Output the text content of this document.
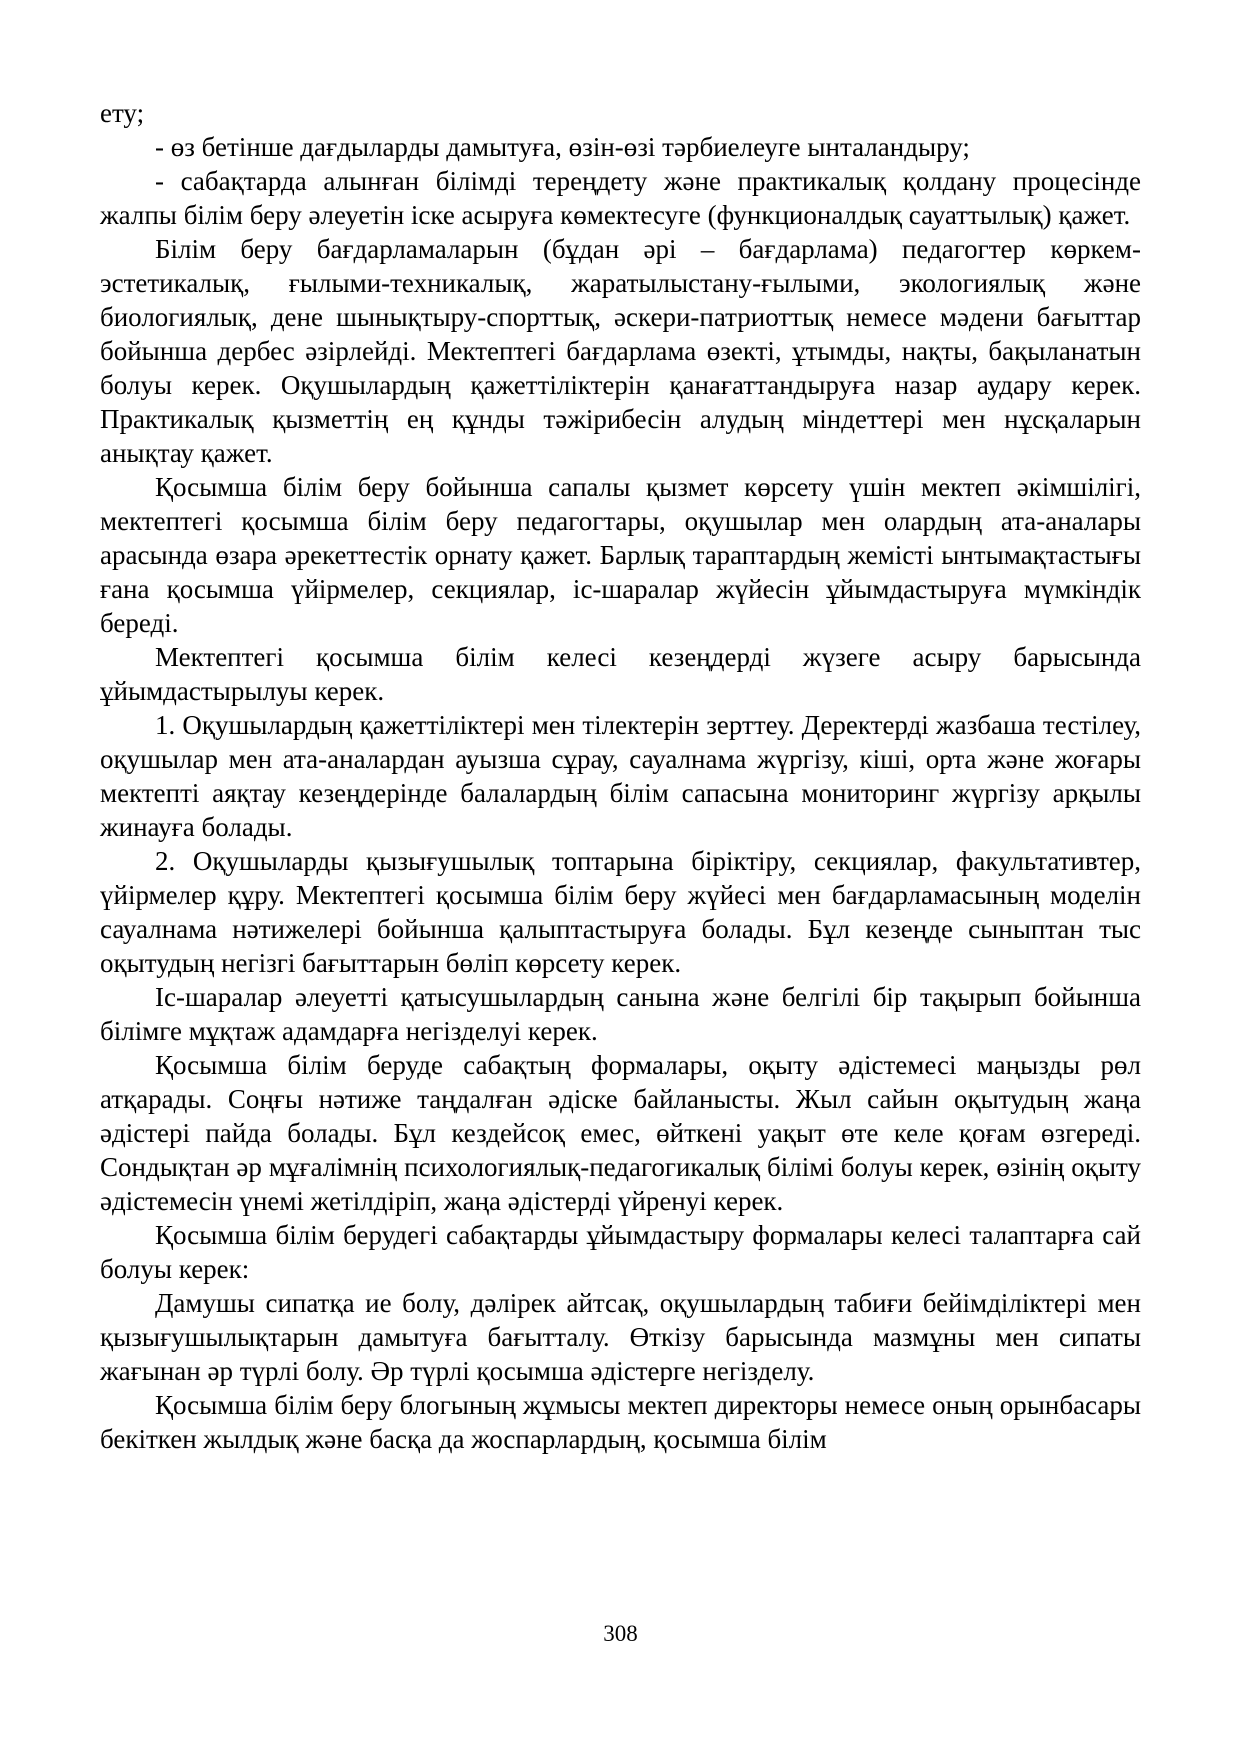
ету;

- өз бетінше дағдыларды дамытуға, өзін-өзі тәрбиелеуге ынталандыру;

- сабақтарда алынған білімді тереңдету және практикалық қолдану процесінде жалпы білім беру әлеуетін іске асыруға көмектесуге (функционалдық сауаттылық) қажет.

Білім беру бағдарламаларын (бұдан әрі – бағдарлама) педагогтер көркем-эстетикалық, ғылыми-техникалық, жаратылыстану-ғылыми, экологиялық және биологиялық, дене шынықтыру-спорттық, әскери-патриоттық немесе мәдени бағыттар бойынша дербес әзірлейді. Мектептегі бағдарлама өзекті, ұтымды, нақты, бақыланатын болуы керек. Оқушылардың қажеттіліктерін қанағаттандыруға назар аудару керек. Практикалық қызметтің ең құнды тәжірибесін алудың міндеттері мен нұсқаларын анықтау қажет.

Қосымша білім беру бойынша сапалы қызмет көрсету үшін мектеп әкімшілігі, мектептегі қосымша білім беру педагогтары, оқушылар мен олардың ата-аналары арасында өзара әрекеттестік орнату қажет. Барлық тараптардың жемісті ынтымақтастығы ғана қосымша үйірмелер, секциялар, іс-шаралар жүйесін ұйымдастыруға мүмкіндік береді.

Мектептегі қосымша білім келесі кезеңдерді жүзеге асыру барысында ұйымдастырылуы керек.

1. Оқушылардың қажеттіліктері мен тілектерін зерттеу. Деректерді жазбаша тестілеу, оқушылар мен ата-аналардан ауызша сұрау, сауалнама жүргізу, кіші, орта және жоғары мектепті аяқтау кезеңдерінде балалардың білім сапасына мониторинг жүргізу арқылы жинауға болады.

2. Оқушыларды қызығушылық топтарына біріктіру, секциялар, факультативтер, үйірмелер құру. Мектептегі қосымша білім беру жүйесі мен бағдарламасының моделін сауалнама нәтижелері бойынша қалыптастыруға болады. Бұл кезеңде сыныптан тыс оқытудың негізгі бағыттарын бөліп көрсету керек.

Іс-шаралар әлеуетті қатысушылардың санына және белгілі бір тақырып бойынша білімге мұқтаж адамдарға негізделуі керек.

Қосымша білім беруде сабақтың формалары, оқыту әдістемесі маңызды рөл атқарады. Соңғы нәтиже таңдалған әдіске байланысты. Жыл сайын оқытудың жаңа әдістері пайда болады. Бұл кездейсоқ емес, өйткені уақыт өте келе қоғам өзгереді. Сондықтан әр мұғалімнің психологиялық-педагогикалық білімі болуы керек, өзінің оқыту әдістемесін үнемі жетілдіріп, жаңа әдістерді үйренуі керек.

Қосымша білім берудегі сабақтарды ұйымдастыру формалары келесі талаптарға сай болуы керек:

Дамушы сипатқа ие болу, дәлірек айтсақ, оқушылардың табиғи бейімділіктері мен қызығушылықтарын дамытуға бағытталу. Өткізу барысында мазмұны мен сипаты жағынан әр түрлі болу. Әр түрлі қосымша әдістерге негізделу.

Қосымша білім беру блогының жұмысы мектеп директоры немесе оның орынбасары бекіткен жылдық және басқа да жоспарлардың, қосымша білім

308
